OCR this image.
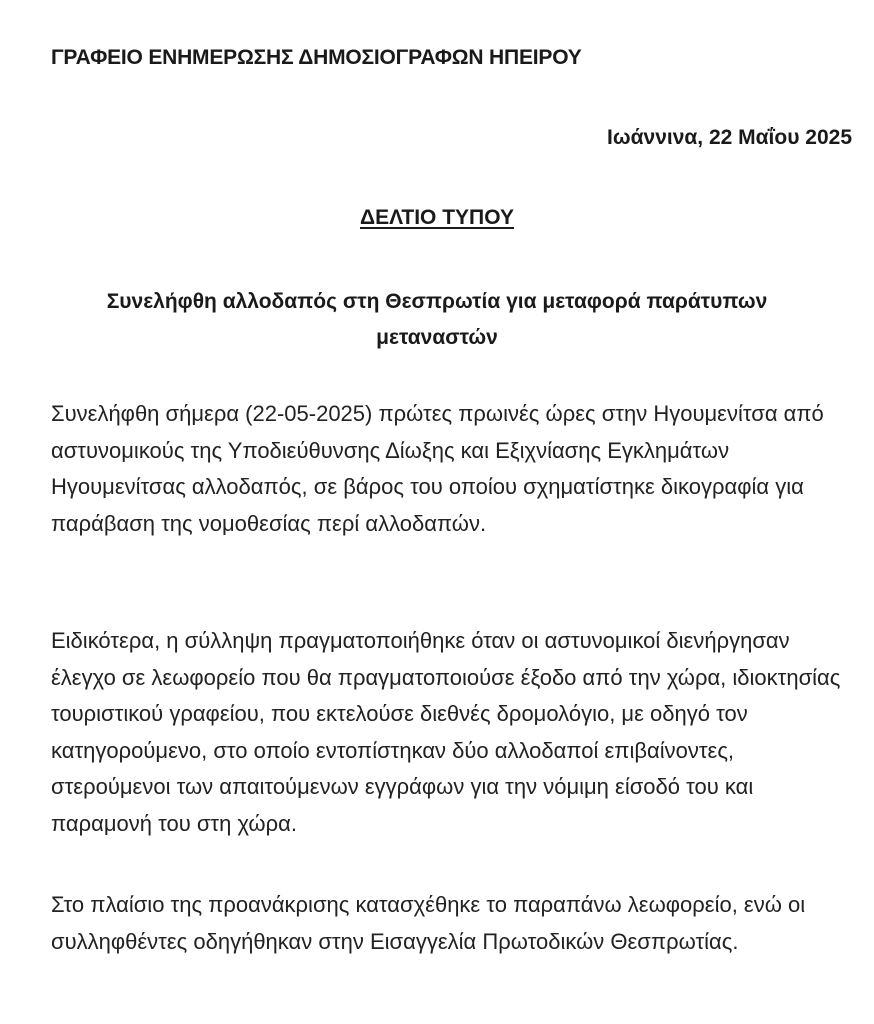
ΓΡΑΦΕΙΟ ΕΝΗΜΕΡΩΣΗΣ ΔΗΜΟΣΙΟΓΡΑΦΩΝ ΗΠΕΙΡΟΥ

Ιωάννινα, 22 Μαΐου 2025

ΔΕΛΤΙΟ ΤΥΠΟΥ

Συνελήφθη αλλοδαπός στη Θεσπρωτία για μεταφορά παράτυπων μεταναστών

Συνελήφθη σήμερα (22-05-2025) πρώτες πρωινές ώρες στην Ηγουμενίτσα από αστυνομικούς της Υποδιεύθυνσης Δίωξης και Εξιχνίασης Εγκλημάτων Ηγουμενίτσας αλλοδαπός, σε βάρος του οποίου σχηματίστηκε δικογραφία για παράβαση της νομοθεσίας περί αλλοδαπών.

Ειδικότερα, η σύλληψη πραγματοποιήθηκε όταν οι αστυνομικοί διενήργησαν έλεγχο σε λεωφορείο που θα πραγματοποιούσε έξοδο από την χώρα, ιδιοκτησίας τουριστικού γραφείου, που εκτελούσε διεθνές δρομολόγιο, με οδηγό τον κατηγορούμενο, στο οποίο εντοπίστηκαν δύο αλλοδαποί επιβαίνοντες, στερούμενοι των απαιτούμενων εγγράφων για την νόμιμη είσοδό του και παραμονή του στη χώρα.

Στο πλαίσιο της προανάκρισης κατασχέθηκε το παραπάνω λεωφορείο, ενώ οι συλληφθέντες οδηγήθηκαν στην Εισαγγελία Πρωτοδικών Θεσπρωτίας.
